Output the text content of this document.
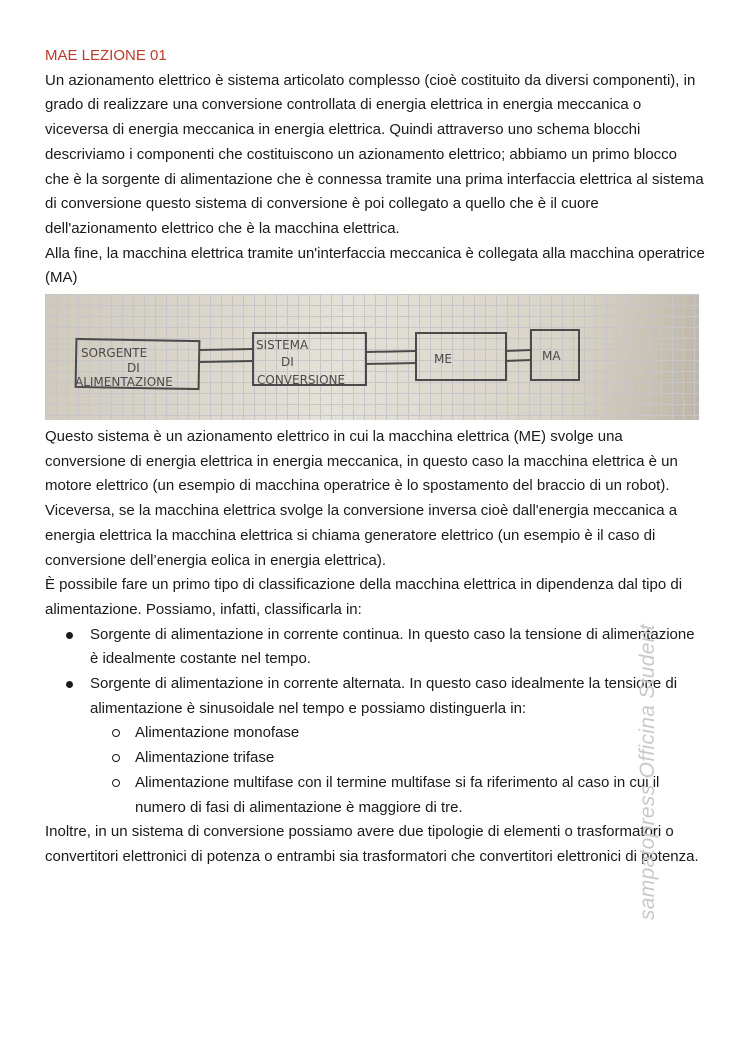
MAE LEZIONE 01

Un azionamento elettrico è sistema articolato complesso (cioè costituito da diversi componenti), in grado di realizzare una conversione controllata di energia elettrica in energia meccanica o viceversa di energia meccanica in energia elettrica. Quindi attraverso uno schema blocchi descriviamo i componenti che costituiscono un azionamento elettrico; abbiamo un primo blocco che è la sorgente di alimentazione che è connessa tramite una prima interfaccia elettrica al sistema di conversione questo sistema di conversione è poi collegato a quello che è il cuore dell'azionamento elettrico che è la macchina elettrica.

Alla fine, la macchina elettrica tramite un'interfaccia meccanica è collegata alla macchina operatrice (MA)

SORGENTE
DI
ALIMENTAZIONE
SISTEMA
DI
CONVERSIONE
ME	MA

Questo sistema è un azionamento elettrico in cui la macchina elettrica (ME) svolge una conversione di energia elettrica in energia meccanica, in questo caso la macchina elettrica è un motore elettrico (un esempio di macchina operatrice è lo spostamento del braccio di un robot). Viceversa, se la macchina elettrica svolge la conversione inversa cioè dall'energia meccanica a energia elettrica la macchina elettrica si chiama generatore elettrico (un esempio è il caso di conversione dell’energia eolica in energia elettrica).

È possibile fare un primo tipo di classificazione della macchina elettrica in dipendenza dal tipo di alimentazione. Possiamo, infatti, classificarla in:

Sorgente di alimentazione in corrente continua. In questo caso la tensione di alimentazione è idealmente costante nel tempo.
Sorgente di alimentazione in corrente alternata. In questo caso idealmente la tensione di alimentazione è sinusoidale nel tempo e possiamo distinguerla in:
Alimentazione monofase
Alimentazione trifase
Alimentazione multifase con il termine multifase si fa riferimento al caso in cui il numero di fasi di alimentazione è maggiore di tre.

Inoltre, in un sistema di conversione possiamo avere due tipologie di elementi o trasformatori o convertitori elettronici di potenza o entrambi sia trasformatori che convertitori elettronici di potenza.

sampatopress Officina Student
